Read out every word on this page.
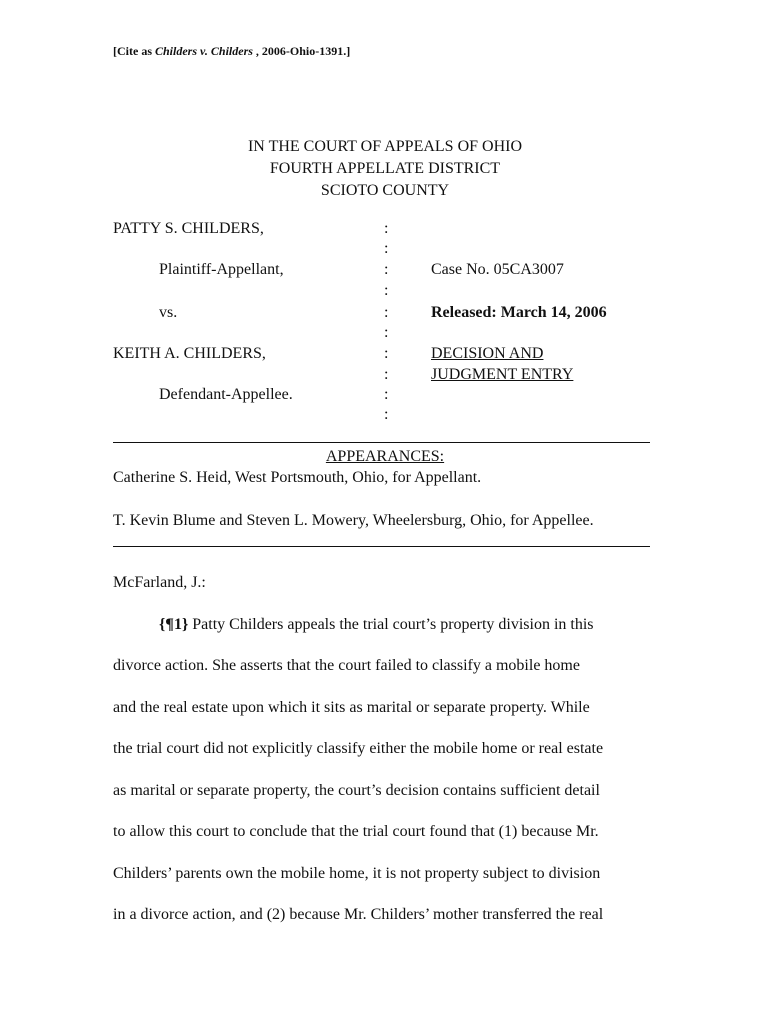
[Cite as Childers v. Childers , 2006-Ohio-1391.]
IN THE COURT OF APPEALS OF OHIO
FOURTH APPELLATE DISTRICT
SCIOTO COUNTY
PATTY S. CHILDERS,
Plaintiff-Appellant,
vs.
KEITH A. CHILDERS,
Defendant-Appellee.
:
:
:
:
:
:
:
:
:
:
Case No. 05CA3007
Released: March 14, 2006
DECISION AND
JUDGMENT ENTRY
APPEARANCES:
Catherine S. Heid, West Portsmouth, Ohio, for Appellant.
T. Kevin Blume and Steven L. Mowery, Wheelersburg, Ohio, for Appellee.
McFarland, J.:
{¶1} Patty Childers appeals the trial court’s property division in this
divorce action. She asserts that the court failed to classify a mobile home
and the real estate upon which it sits as marital or separate property. While
the trial court did not explicitly classify either the mobile home or real estate
as marital or separate property, the court’s decision contains sufficient detail
to allow this court to conclude that the trial court found that (1) because Mr.
Childers’ parents own the mobile home, it is not property subject to division
in a divorce action, and (2) because Mr. Childers’ mother transferred the real
